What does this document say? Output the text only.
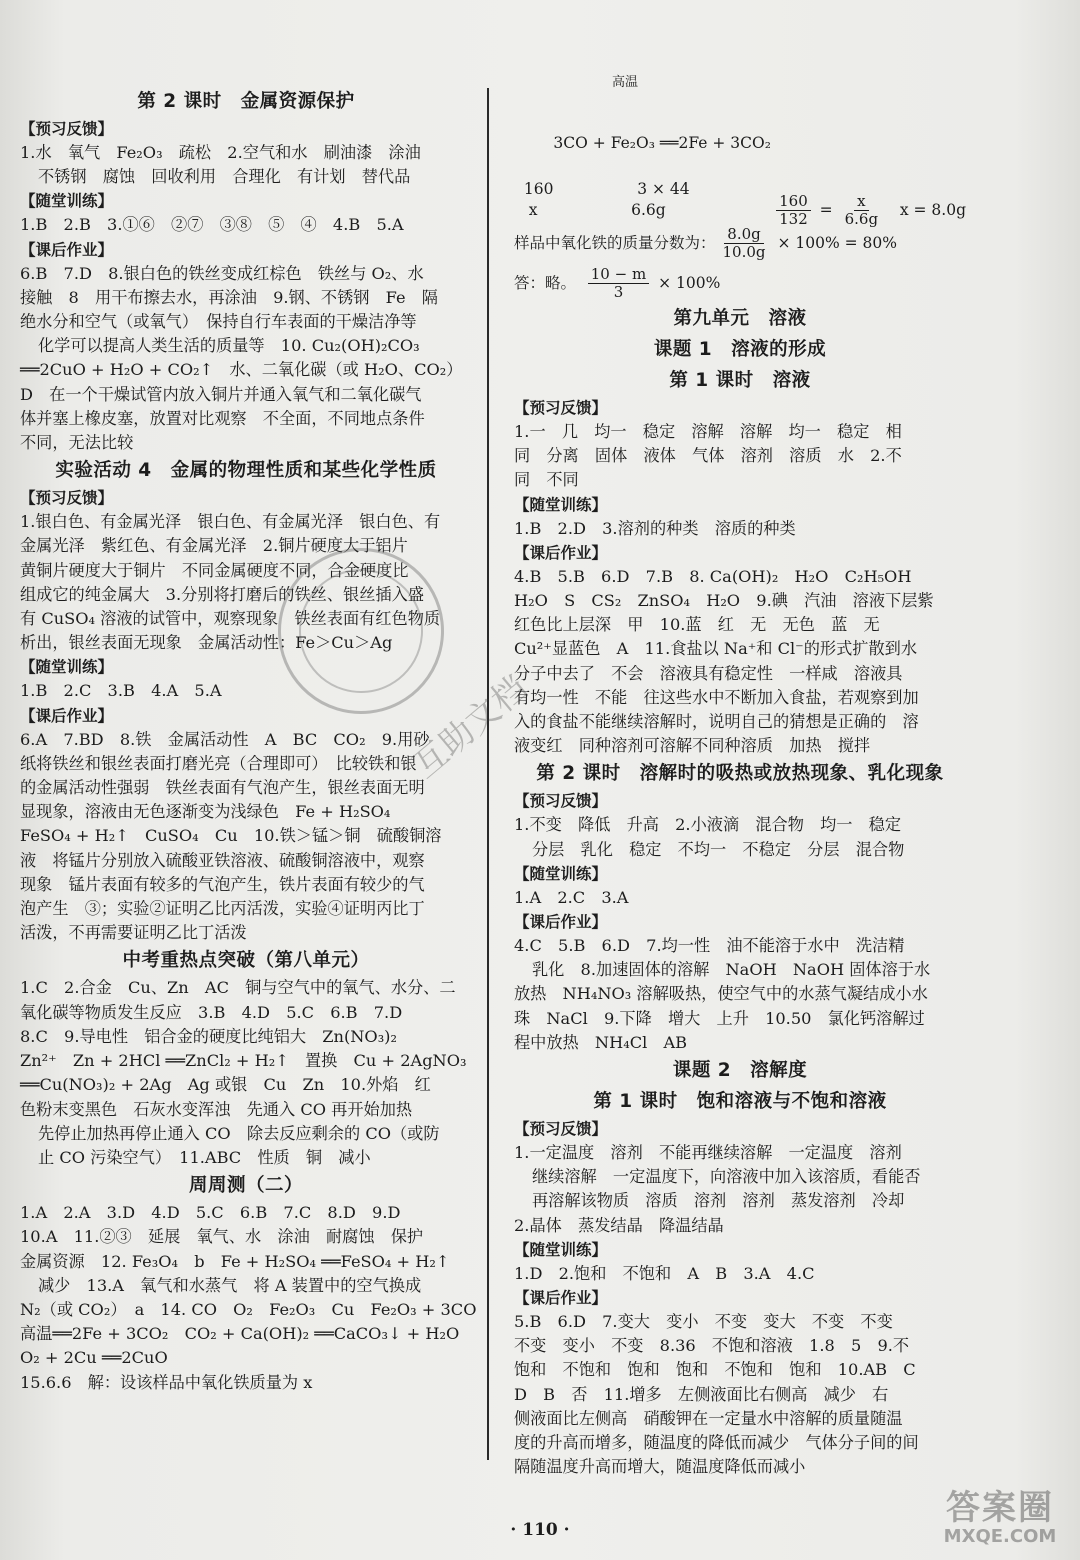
第 2 课时　金属资源保护
【预习反馈】
1.水　氧气　Fe₂O₃　疏松　2.空气和水　刷油漆　涂油
不锈钢　腐蚀　回收利用　合理化　有计划　替代品
【随堂训练】
1.B　2.B　3.①⑥　②⑦　③⑧　⑤　④　4.B　5.A
【课后作业】
6.B　7.D　8.银白色的铁丝变成红棕色　铁丝与 O₂、水
接触　8　用干布擦去水，再涂油　9.钢、不锈钢　Fe　隔
绝水分和空气（或氧气）　保持自行车表面的干燥洁净等
化学可以提高人类生活的质量等　10. Cu₂(OH)₂CO₃
══2CuO + H₂O + CO₂↑　水、二氧化碳（或 H₂O、CO₂）
D　在一个干燥试管内放入铜片并通入氧气和二氧化碳气
体并塞上橡皮塞，放置对比观察　不全面，不同地点条件
不同，无法比较
实验活动 4　金属的物理性质和某些化学性质
【预习反馈】
1.银白色、有金属光泽　银白色、有金属光泽　银白色、有
金属光泽　紫红色、有金属光泽　2.铜片硬度大于铝片
黄铜片硬度大于铜片　不同金属硬度不同，合金硬度比
组成它的纯金属大　3.分别将打磨后的铁丝、银丝插入盛
有 CuSO₄ 溶液的试管中，观察现象　铁丝表面有红色物质
析出，银丝表面无现象　金属活动性：Fe＞Cu＞Ag
【随堂训练】
1.B　2.C　3.B　4.A　5.A
【课后作业】
6.A　7.BD　8.铁　金属活动性　A　BC　CO₂　9.用砂
纸将铁丝和银丝表面打磨光亮（合理即可）　比较铁和银
的金属活动性强弱　铁丝表面有气泡产生，银丝表面无明
显现象，溶液由无色逐渐变为浅绿色　Fe + H₂SO₄
FeSO₄ + H₂↑　CuSO₄　Cu　10.铁＞锰＞铜　硫酸铜溶
液　将锰片分别放入硫酸亚铁溶液、硫酸铜溶液中，观察
现象　锰片表面有较多的气泡产生，铁片表面有较少的气
泡产生　③；实验②证明乙比丙活泼，实验④证明丙比丁
活泼，不再需要证明乙比丁活泼
中考重热点突破（第八单元）
1.C　2.合金　Cu、Zn　AC　铜与空气中的氧气、水分、二
氧化碳等物质发生反应　3.B　4.D　5.C　6.B　7.D
8.C　9.导电性　铝合金的硬度比纯铝大　Zn(NO₃)₂
Zn²⁺　Zn + 2HCl ══ZnCl₂ + H₂↑　置换　Cu + 2AgNO₃
══Cu(NO₃)₂ + 2Ag　Ag 或银　Cu　Zn　10.外焰　红
色粉末变黑色　石灰水变浑浊　先通入 CO 再开始加热
先停止加热再停止通入 CO　除去反应剩余的 CO（或防
止 CO 污染空气）　11.ABC　性质　铜　减小
周周测（二）
1.A　2.A　3.D　4.D　5.C　6.B　7.C　8.D　9.D
10.A　11.②③　延展　氧气、水　涂油　耐腐蚀　保护
金属资源　12. Fe₃O₄　b　Fe + H₂SO₄ ══FeSO₄ + H₂↑
减少　13.A　氧气和水蒸气　将 A 装置中的空气换成
N₂（或 CO₂）　a　14. CO　O₂　Fe₂O₃　Cu　Fe₂O₃ + 3CO
高温══2Fe + 3CO₂　CO₂ + Ca(OH)₂ ══CaCO₃↓ + H₂O
O₂ + 2Cu ══2CuO
15.6.6　解：设该样品中氧化铁质量为 x

高温

3CO + Fe₂O₃ ══2Fe + 3CO₂

160                 3 × 44
x                   6.6g	$\frac{160}{132} = \frac{x}{6.6g}$ x = 8.0g
样品中氧化铁的质量分数为： $\frac{8.0g}{10.0g} \times 100\% = 80\%$
答：略。　 $\frac{10 - m}{3} \times 100\%$
第九单元　溶液
课题 1　溶液的形成
第 1 课时　溶液
【预习反馈】
1.一　几　均一　稳定　溶解　溶解　均一　稳定　相
同　分离　固体　液体　气体　溶剂　溶质　水　2.不
同　不同
【随堂训练】
1.B　2.D　3.溶剂的种类　溶质的种类
【课后作业】
4.B　5.B　6.D　7.B　8. Ca(OH)₂　H₂O　C₂H₅OH
H₂O　S　CS₂　ZnSO₄　H₂O　9.碘　汽油　溶液下层紫
红色比上层深　甲　10.蓝　红　无　无色　蓝　无
Cu²⁺显蓝色　A　11.食盐以 Na⁺和 Cl⁻的形式扩散到水
分子中去了　不会　溶液具有稳定性　一样咸　溶液具
有均一性　不能　往这些水中不断加入食盐，若观察到加
入的食盐不能继续溶解时，说明自己的猜想是正确的　溶
液变红　同种溶剂可溶解不同种溶质　加热　搅拌
第 2 课时　溶解时的吸热或放热现象、乳化现象
【预习反馈】
1.不变　降低　升高　2.小液滴　混合物　均一　稳定
分层　乳化　稳定　不均一　不稳定　分层　混合物
【随堂训练】
1.A　2.C　3.A
【课后作业】
4.C　5.B　6.D　7.均一性　油不能溶于水中　洗洁精
乳化　8.加速固体的溶解　NaOH　NaOH 固体溶于水
放热　NH₄NO₃ 溶解吸热，使空气中的水蒸气凝结成小水
珠　NaCl　9.下降　增大　上升　10.50　氯化钙溶解过
程中放热　NH₄Cl　AB
课题 2　溶解度
第 1 课时　饱和溶液与不饱和溶液
【预习反馈】
1.一定温度　溶剂　不能再继续溶解　一定温度　溶剂
继续溶解　一定温度下，向溶液中加入该溶质，看能否
再溶解该物质　溶质　溶剂　溶剂　蒸发溶剂　冷却
2.晶体　蒸发结晶　降温结晶
【随堂训练】
1.D　2.饱和　不饱和　A　B　3.A　4.C
【课后作业】
5.B　6.D　7.变大　变小　不变　变大　不变　不变
不变　变小　不变　8.36　不饱和溶液　1.8　5　9.不
饱和　不饱和　饱和　饱和　不饱和　饱和　10.AB　C
D　B　否　11.增多　左侧液面比右侧高　减少　右
侧液面比左侧高　硝酸钾在一定量水中溶解的质量随温
度的升高而增多，随温度的降低而减少　气体分子间的间
隔随温度升高而增大，随温度降低而减小
互助文档
· 110 ·
答案圈
MXQE.COM
